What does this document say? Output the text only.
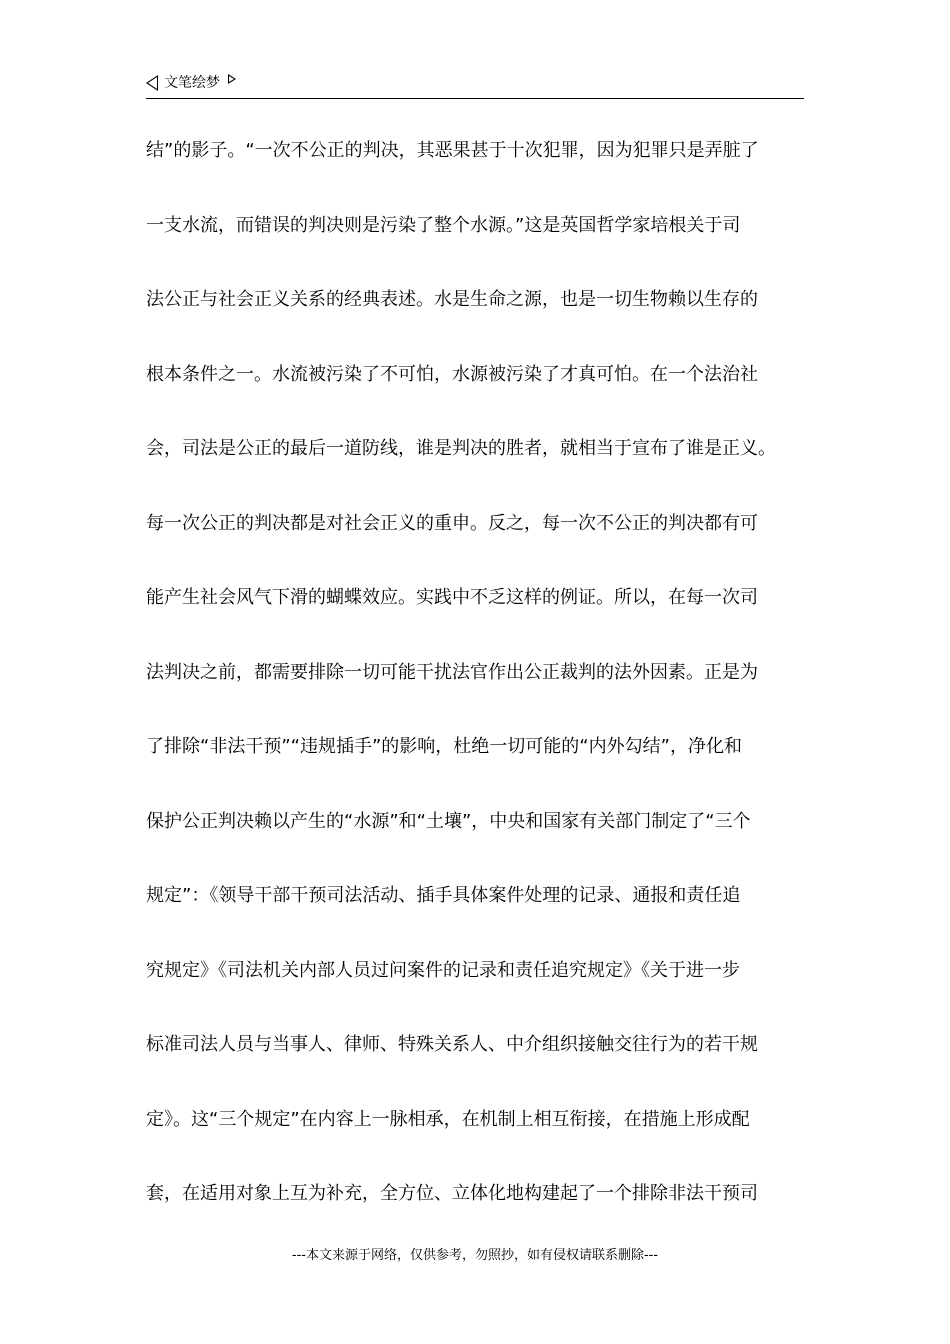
文笔绘梦
结”的影子。“一次不公正的判决，其恶果甚于十次犯罪，因为犯罪只是弄脏了
一支水流，而错误的判决则是污染了整个水源。”这是英国哲学家培根关于司
法公正与社会正义关系的经典表述。水是生命之源，也是一切生物赖以生存的
根本条件之一。水流被污染了不可怕，水源被污染了才真可怕。在一个法治社
会，司法是公正的最后一道防线，谁是判决的胜者，就相当于宣布了谁是正义。
每一次公正的判决都是对社会正义的重申。反之，每一次不公正的判决都有可
能产生社会风气下滑的蝴蝶效应。实践中不乏这样的例证。所以，在每一次司
法判决之前，都需要排除一切可能干扰法官作出公正裁判的法外因素。正是为
了排除“非法干预”“违规插手”的影响，杜绝一切可能的“内外勾结”，净化和
保护公正判决赖以产生的“水源”和“土壤”，中央和国家有关部门制定了“三个
规定”：《领导干部干预司法活动、插手具体案件处理的记录、通报和责任追
究规定》《司法机关内部人员过问案件的记录和责任追究规定》《关于进一步
标准司法人员与当事人、律师、特殊关系人、中介组织接触交往行为的若干规
定》。这“三个规定”在内容上一脉相承，在机制上相互衔接，在措施上形成配
套，在适用对象上互为补充，全方位、立体化地构建起了一个排除非法干预司
---本文来源于网络，仅供参考，勿照抄，如有侵权请联系删除---
